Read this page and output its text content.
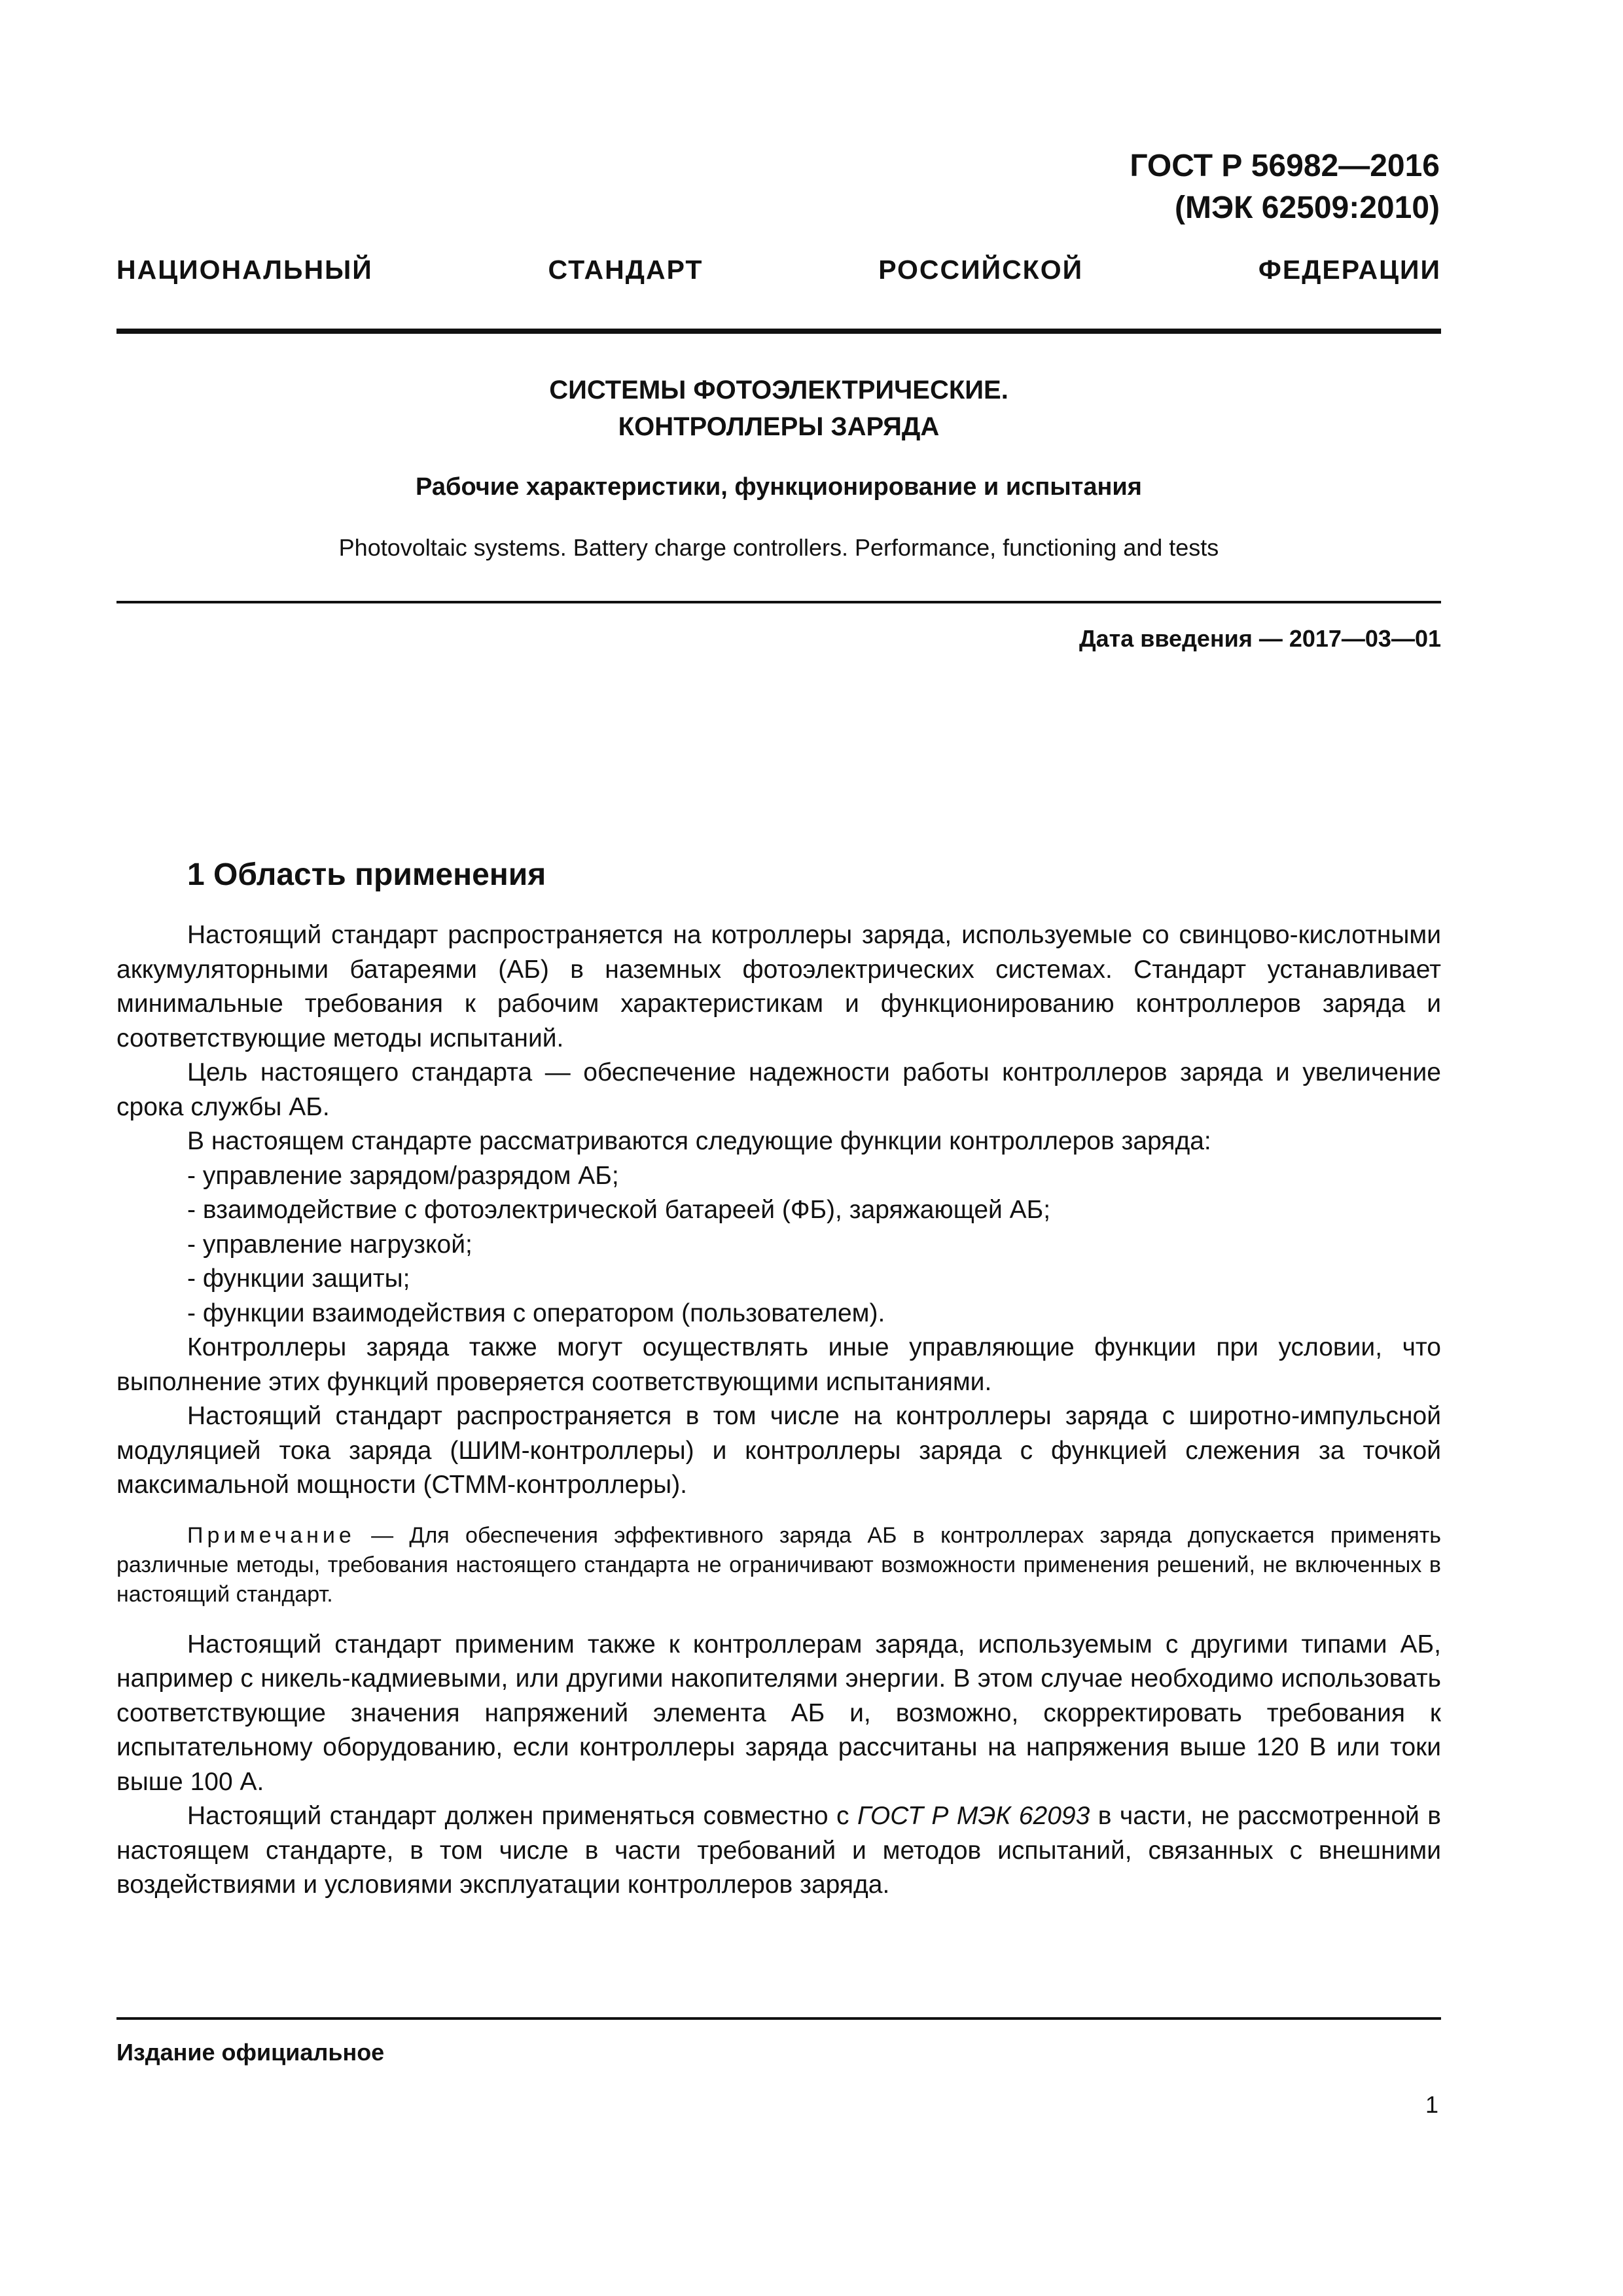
ГОСТ Р 56982—2016
(МЭК 62509:2010)
НАЦИОНАЛЬНЫЙ СТАНДАРТ РОССИЙСКОЙ ФЕДЕРАЦИИ
СИСТЕМЫ ФОТОЭЛЕКТРИЧЕСКИЕ.
КОНТРОЛЛЕРЫ ЗАРЯДА
Рабочие характеристики, функционирование и испытания
Photovoltaic systems. Battery charge controllers. Performance, functioning and tests
Дата введения — 2017—03—01
1 Область применения

Настоящий стандарт распространяется на котроллеры заряда, используемые со свинцово-кислотными аккумуляторными батареями (АБ) в наземных фотоэлектрических системах. Стандарт устанавливает минимальные требования к рабочим характеристикам и функционированию контроллеров заряда и соответствующие методы испытаний.

Цель настоящего стандарта — обеспечение надежности работы контроллеров заряда и увеличение срока службы АБ.

В настоящем стандарте рассматриваются следующие функции контроллеров заряда:

- управление зарядом/разрядом АБ;
- взаимодействие с фотоэлектрической батареей (ФБ), заряжающей АБ;
- управление нагрузкой;
- функции защиты;
- функции взаимодействия с оператором (пользователем).

Контроллеры заряда также могут осуществлять иные управляющие функции при условии, что выполнение этих функций проверяется соответствующими испытаниями.

Настоящий стандарт распространяется в том числе на контроллеры заряда с широтно-импульсной модуляцией тока заряда (ШИМ-контроллеры) и контроллеры заряда с функцией слежения за точкой максимальной мощности (СТММ-контроллеры).

Примечание — Для обеспечения эффективного заряда АБ в контроллерах заряда допускается применять различные методы, требования настоящего стандарта не ограничивают возможности применения решений, не включенных в настоящий стандарт.

Настоящий стандарт применим также к контроллерам заряда, используемым с другими типами АБ, например с никель-кадмиевыми, или другими накопителями энергии. В этом случае необходимо использовать соответствующие значения напряжений элемента АБ и, возможно, скорректировать требования к испытательному оборудованию, если контроллеры заряда рассчитаны на напряжения выше 120 В или токи выше 100 А.

Настоящий стандарт должен применяться совместно с ГОСТ Р МЭК 62093 в части, не рассмотренной в настоящем стандарте, в том числе в части требований и методов испытаний, связанных с внешними воздействиями и условиями эксплуатации контроллеров заряда.

Издание официальное
1
